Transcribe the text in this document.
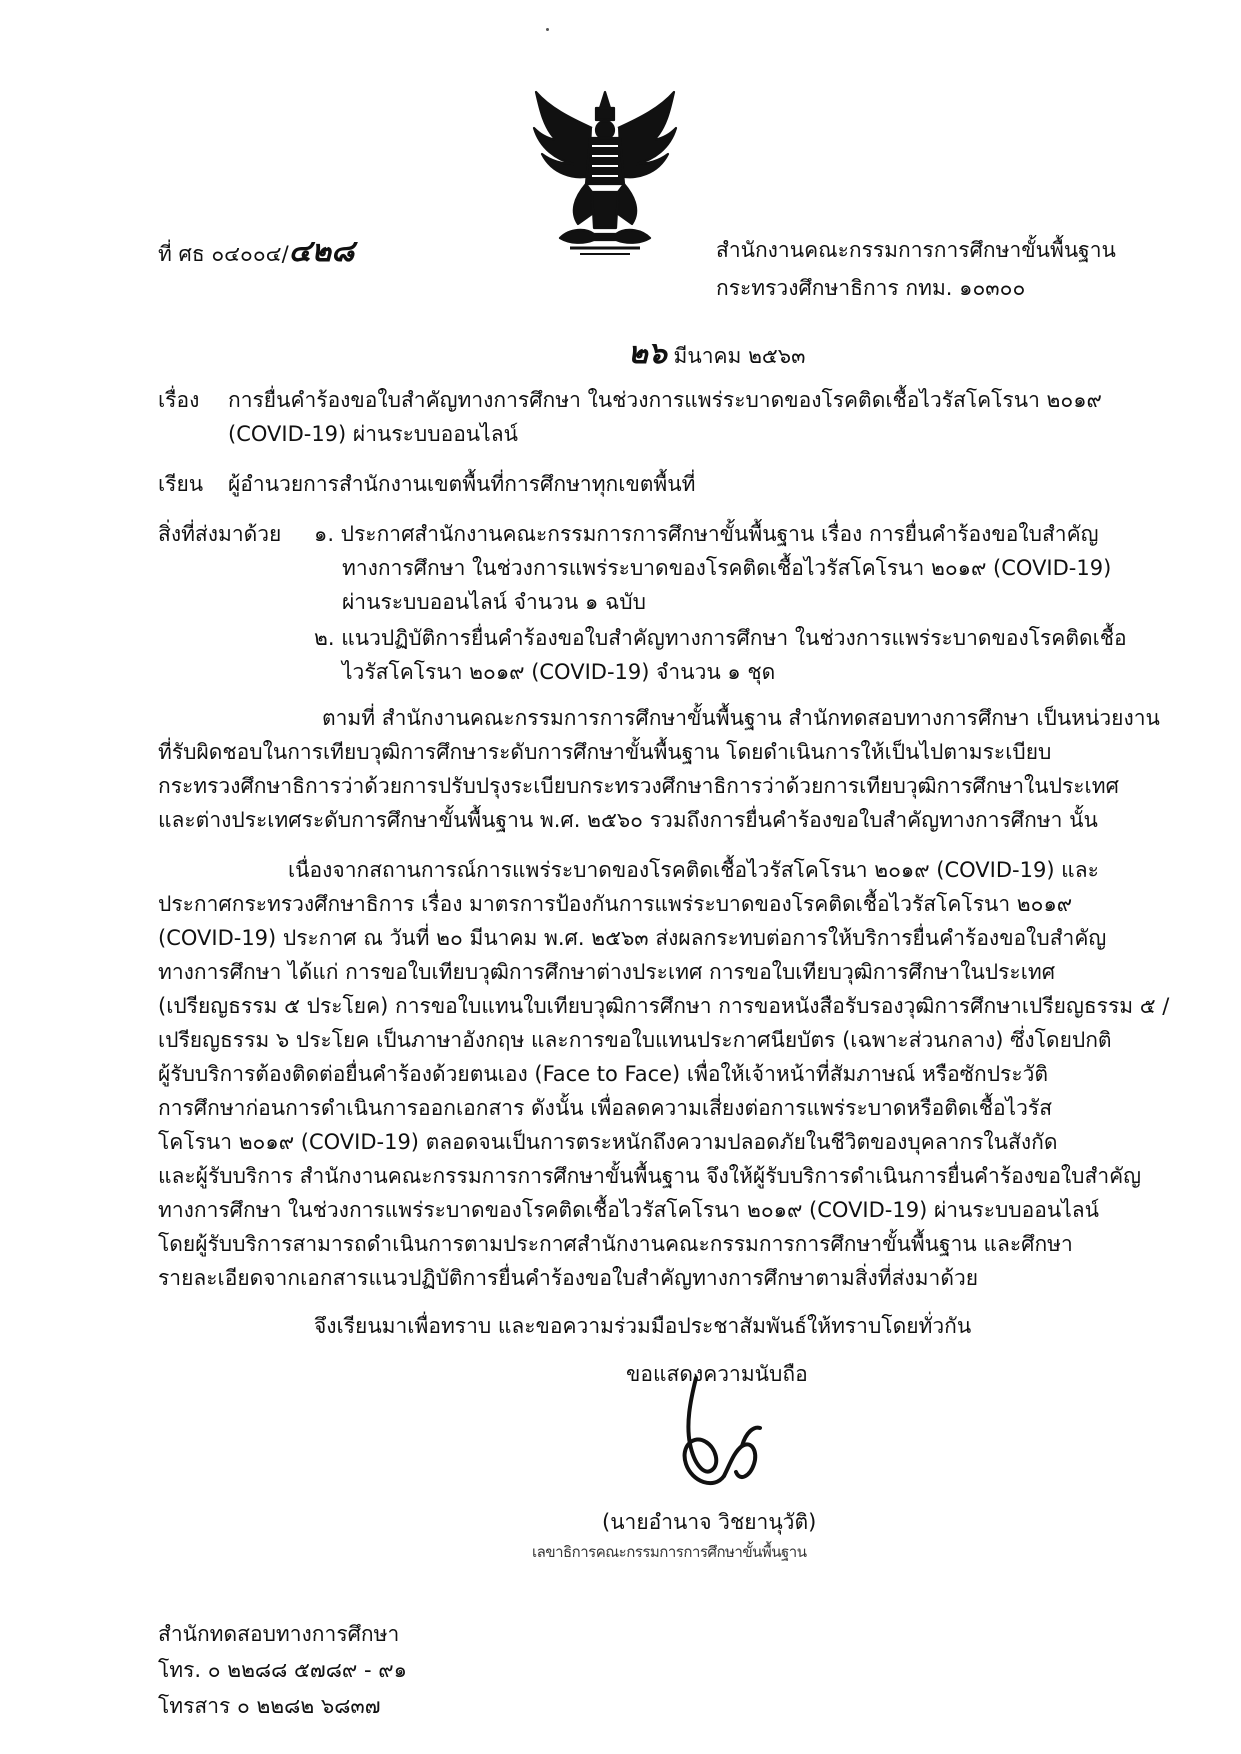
ที่ ศธ ๐๔๐๐๔/๔๒๘	สำนักงานคณะกรรมการการศึกษาขั้นพื้นฐาน
กระทรวงศึกษาธิการ กทม. ๑๐๓๐๐
๒๖ มีนาคม ๒๕๖๓
เรื่อง การยื่นคำร้องขอใบสำคัญทางการศึกษา ในช่วงการแพร่ระบาดของโรคติดเชื้อไวรัสโคโรนา ๒๐๑๙
(COVID-19) ผ่านระบบออนไลน์
เรียน ผู้อำนวยการสำนักงานเขตพื้นที่การศึกษาทุกเขตพื้นที่
สิ่งที่ส่งมาด้วย ๑. ประกาศสำนักงานคณะกรรมการการศึกษาขั้นพื้นฐาน เรื่อง การยื่นคำร้องขอใบสำคัญ
ทางการศึกษา ในช่วงการแพร่ระบาดของโรคติดเชื้อไวรัสโคโรนา ๒๐๑๙ (COVID-19)
ผ่านระบบออนไลน์ จำนวน ๑ ฉบับ
๒. แนวปฏิบัติการยื่นคำร้องขอใบสำคัญทางการศึกษา ในช่วงการแพร่ระบาดของโรคติดเชื้อ
ไวรัสโคโรนา ๒๐๑๙ (COVID-19) จำนวน ๑ ชุด
ตามที่ สำนักงานคณะกรรมการการศึกษาขั้นพื้นฐาน สำนักทดสอบทางการศึกษา เป็นหน่วยงาน
ที่รับผิดชอบในการเทียบวุฒิการศึกษาระดับการศึกษาขั้นพื้นฐาน โดยดำเนินการให้เป็นไปตามระเบียบ
กระทรวงศึกษาธิการว่าด้วยการปรับปรุงระเบียบกระทรวงศึกษาธิการว่าด้วยการเทียบวุฒิการศึกษาในประเทศ
และต่างประเทศระดับการศึกษาขั้นพื้นฐาน พ.ศ. ๒๕๖๐ รวมถึงการยื่นคำร้องขอใบสำคัญทางการศึกษา นั้น
เนื่องจากสถานการณ์การแพร่ระบาดของโรคติดเชื้อไวรัสโคโรนา ๒๐๑๙ (COVID-19) และ
ประกาศกระทรวงศึกษาธิการ เรื่อง มาตรการป้องกันการแพร่ระบาดของโรคติดเชื้อไวรัสโคโรนา ๒๐๑๙
(COVID-19) ประกาศ ณ วันที่ ๒๐ มีนาคม พ.ศ. ๒๕๖๓ ส่งผลกระทบต่อการให้บริการยื่นคำร้องขอใบสำคัญ
ทางการศึกษา ได้แก่ การขอใบเทียบวุฒิการศึกษาต่างประเทศ การขอใบเทียบวุฒิการศึกษาในประเทศ
(เปรียญธรรม ๕ ประโยค) การขอใบแทนใบเทียบวุฒิการศึกษา การขอหนังสือรับรองวุฒิการศึกษาเปรียญธรรม ๕ /
เปรียญธรรม ๖ ประโยค เป็นภาษาอังกฤษ และการขอใบแทนประกาศนียบัตร (เฉพาะส่วนกลาง) ซึ่งโดยปกติ
ผู้รับบริการต้องติดต่อยื่นคำร้องด้วยตนเอง (Face to Face) เพื่อให้เจ้าหน้าที่สัมภาษณ์ หรือซักประวัติ
การศึกษาก่อนการดำเนินการออกเอกสาร ดังนั้น เพื่อลดความเสี่ยงต่อการแพร่ระบาดหรือติดเชื้อไวรัส
โคโรนา ๒๐๑๙ (COVID-19) ตลอดจนเป็นการตระหนักถึงความปลอดภัยในชีวิตของบุคลากรในสังกัด
และผู้รับบริการ สำนักงานคณะกรรมการการศึกษาขั้นพื้นฐาน จึงให้ผู้รับบริการดำเนินการยื่นคำร้องขอใบสำคัญ
ทางการศึกษา ในช่วงการแพร่ระบาดของโรคติดเชื้อไวรัสโคโรนา ๒๐๑๙ (COVID-19) ผ่านระบบออนไลน์
โดยผู้รับบริการสามารถดำเนินการตามประกาศสำนักงานคณะกรรมการการศึกษาขั้นพื้นฐาน และศึกษา
รายละเอียดจากเอกสารแนวปฏิบัติการยื่นคำร้องขอใบสำคัญทางการศึกษาตามสิ่งที่ส่งมาด้วย
จึงเรียนมาเพื่อทราบ และขอความร่วมมือประชาสัมพันธ์ให้ทราบโดยทั่วกัน
ขอแสดงความนับถือ
(นายอำนาจ วิชยานุวัติ)
เลขาธิการคณะกรรมการการศึกษาขั้นพื้นฐาน
สำนักทดสอบทางการศึกษา
โทร. ๐ ๒๒๘๘ ๕๗๘๙ - ๙๑
โทรสาร ๐ ๒๒๘๒ ๖๘๓๗
